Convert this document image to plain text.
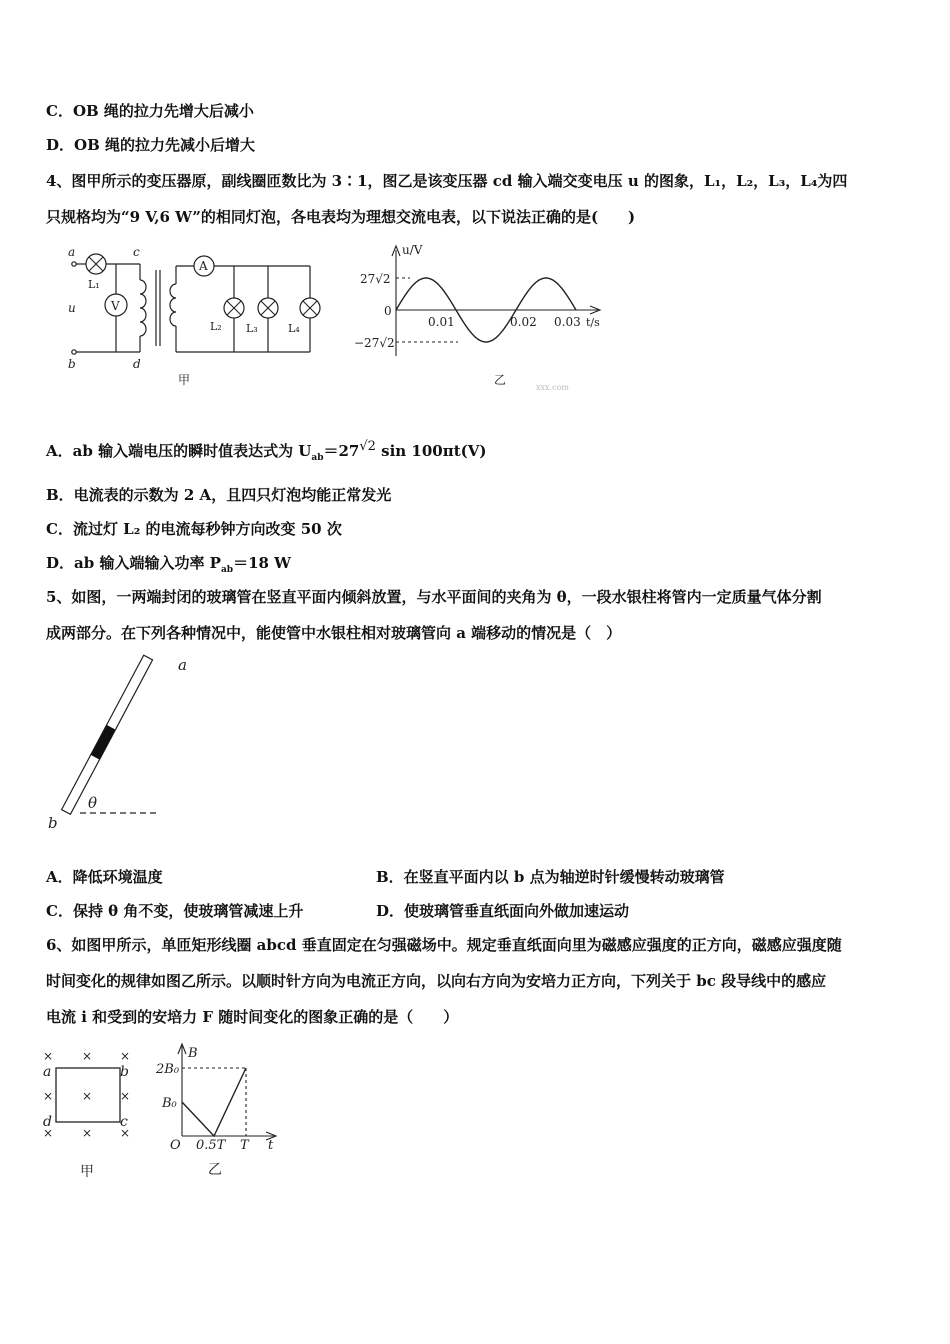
C．OB 绳的拉力先增大后减小
D．OB 绳的拉力先减小后增大
4、图甲所示的变压器原，副线圈匝数比为 3∶1，图乙是该变压器 cd 输入端交变电压 u 的图象，L₁，L₂，L₃，L₄为四
只规格均为“9 V,6 W”的相同灯泡，各电表均为理想交流电表，以下说法正确的是(　　)
V
A
a
b
c
d
u
L₁
L₂ L₃	L₄
甲
u/V
t/s
27√2
−27√2
0
0.01	0.02 0.03
乙
xxx.com
A．ab 输入端电压的瞬时值表达式为 $U_{ab}=27^{√2}$ sin 100πt(V)
B．电流表的示数为 2 A，且四只灯泡均能正常发光
C．流过灯 L₂ 的电流每秒钟方向改变 50 次
D．ab 输入端输入功率 $P_{ab}=18$ W
5、如图，一两端封闭的玻璃管在竖直平面内倾斜放置，与水平面间的夹角为 θ，一段水银柱将管内一定质量气体分割
成两部分。在下列各种情况中，能使管中水银柱相对玻璃管向 a 端移动的情况是（　）
a
b
θ
A．降低环境温度	B．在竖直平面内以 b 点为轴逆时针缓慢转动玻璃管
C．保持 θ 角不变，使玻璃管减速上升	D．使玻璃管垂直纸面向外做加速运动
6、如图甲所示，单匝矩形线圈 abcd 垂直固定在匀强磁场中。规定垂直纸面向里为磁感应强度的正方向，磁感应强度随
时间变化的规律如图乙所示。以顺时针方向为电流正方向，以向右方向为安培力正方向，下列关于 bc 段导线中的感应
电流 i 和受到的安培力 F 随时间变化的图象正确的是（　　）
× × ×
× × ×
× × ×
a	b
c
d
甲
B
t
2B₀
B₀
O 0.5T T
乙
